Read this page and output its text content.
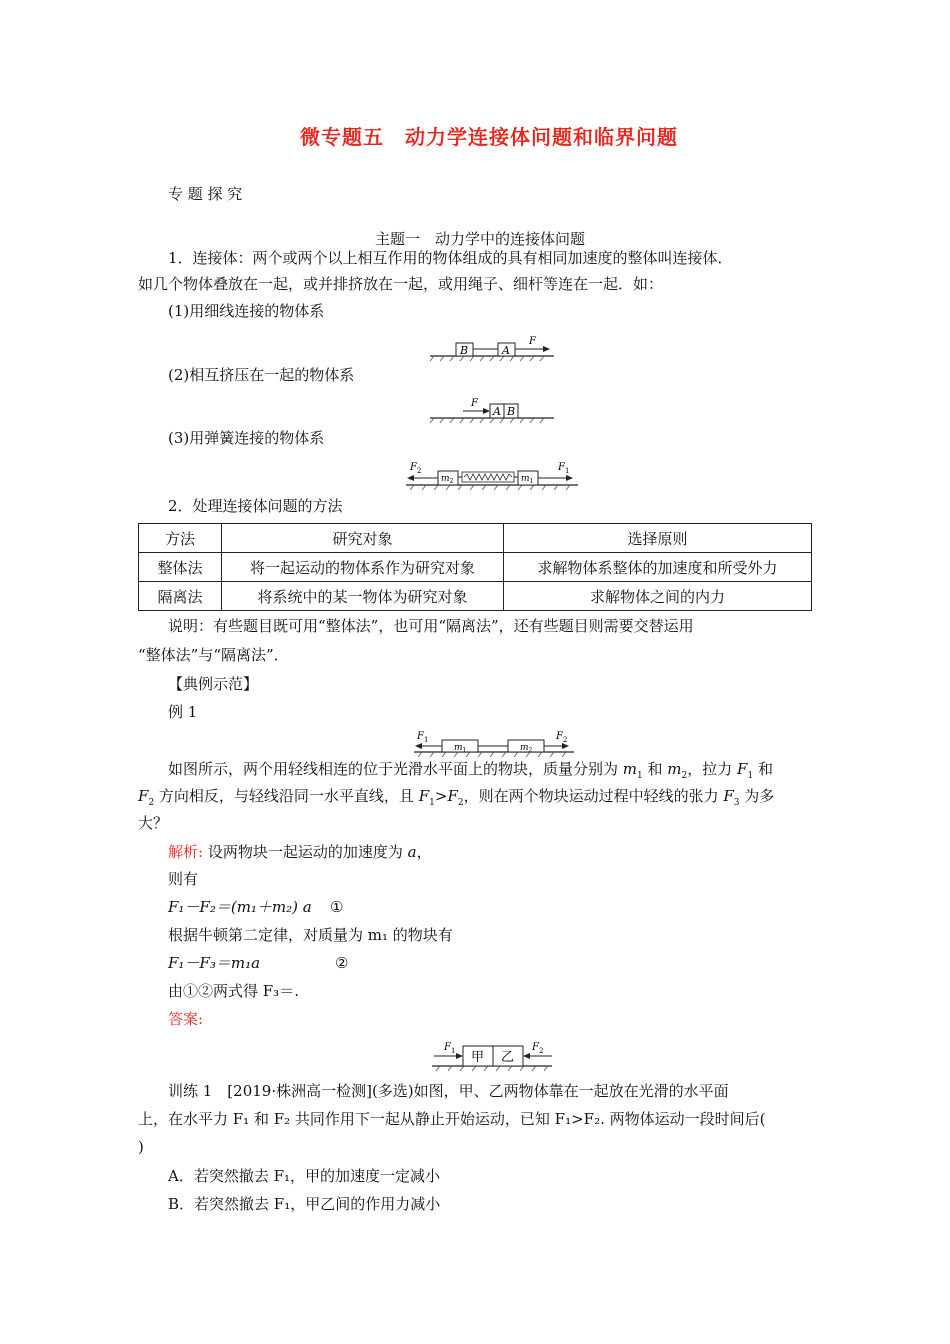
微专题五　动力学连接体问题和临界问题
专 题 探 究
主题一　动力学中的连接体问题
1．连接体：两个或两个以上相互作用的物体组成的具有相同加速度的整体叫连接体．
如几个物体叠放在一起，或并排挤放在一起，或用绳子、细杆等连在一起．如：
(1)用细线连接的物体系
B	A
F
(2)相互挤压在一起的物体系
F
A B
(3)用弹簧连接的物体系
$F_2$
$m_2$	$m_1$
$F_1$
2．处理连接体问题的方法
方法	研究对象	选择原则
整体法	将一起运动的物体系作为研究对象	求解物体系整体的加速度和所受外力
隔离法	将系统中的某一物体为研究对象	求解物体之间的内力
说明：有些题目既可用“整体法”，也可用“隔离法”，还有些题目则需要交替运用
“整体法”与“隔离法”．
【典例示范】
例 1
$F_1$
$m_1$	$m_2$
$F_2$
如图所示，两个用轻线相连的位于光滑水平面上的物块，质量分别为 $m_1$ 和 $m_2$，拉力 $F_1$ 和
$F_2$ 方向相反，与轻线沿同一水平直线，且 $F_1>F_2$，则在两个物块运动过程中轻线的张力 $F_3$ 为多
大？
解析: 设两物块一起运动的加速度为 a，
则有
F₁－F₂＝(m₁＋m₂) a ①
根据牛顿第二定律，对质量为 m₁ 的物块有
F₁－F₃＝m₁a	②
由①②两式得 F₃＝.
答案:
$F_1$ 甲 乙
$F_2$
训练 1　[2019·株洲高一检测](多选)如图，甲、乙两物体靠在一起放在光滑的水平面
上，在水平力 F₁ 和 F₂ 共同作用下一起从静止开始运动，已知 F₁>F₂. 两物体运动一段时间后(
)
A．若突然撤去 F₁，甲的加速度一定减小
B．若突然撤去 F₁，甲乙间的作用力减小
